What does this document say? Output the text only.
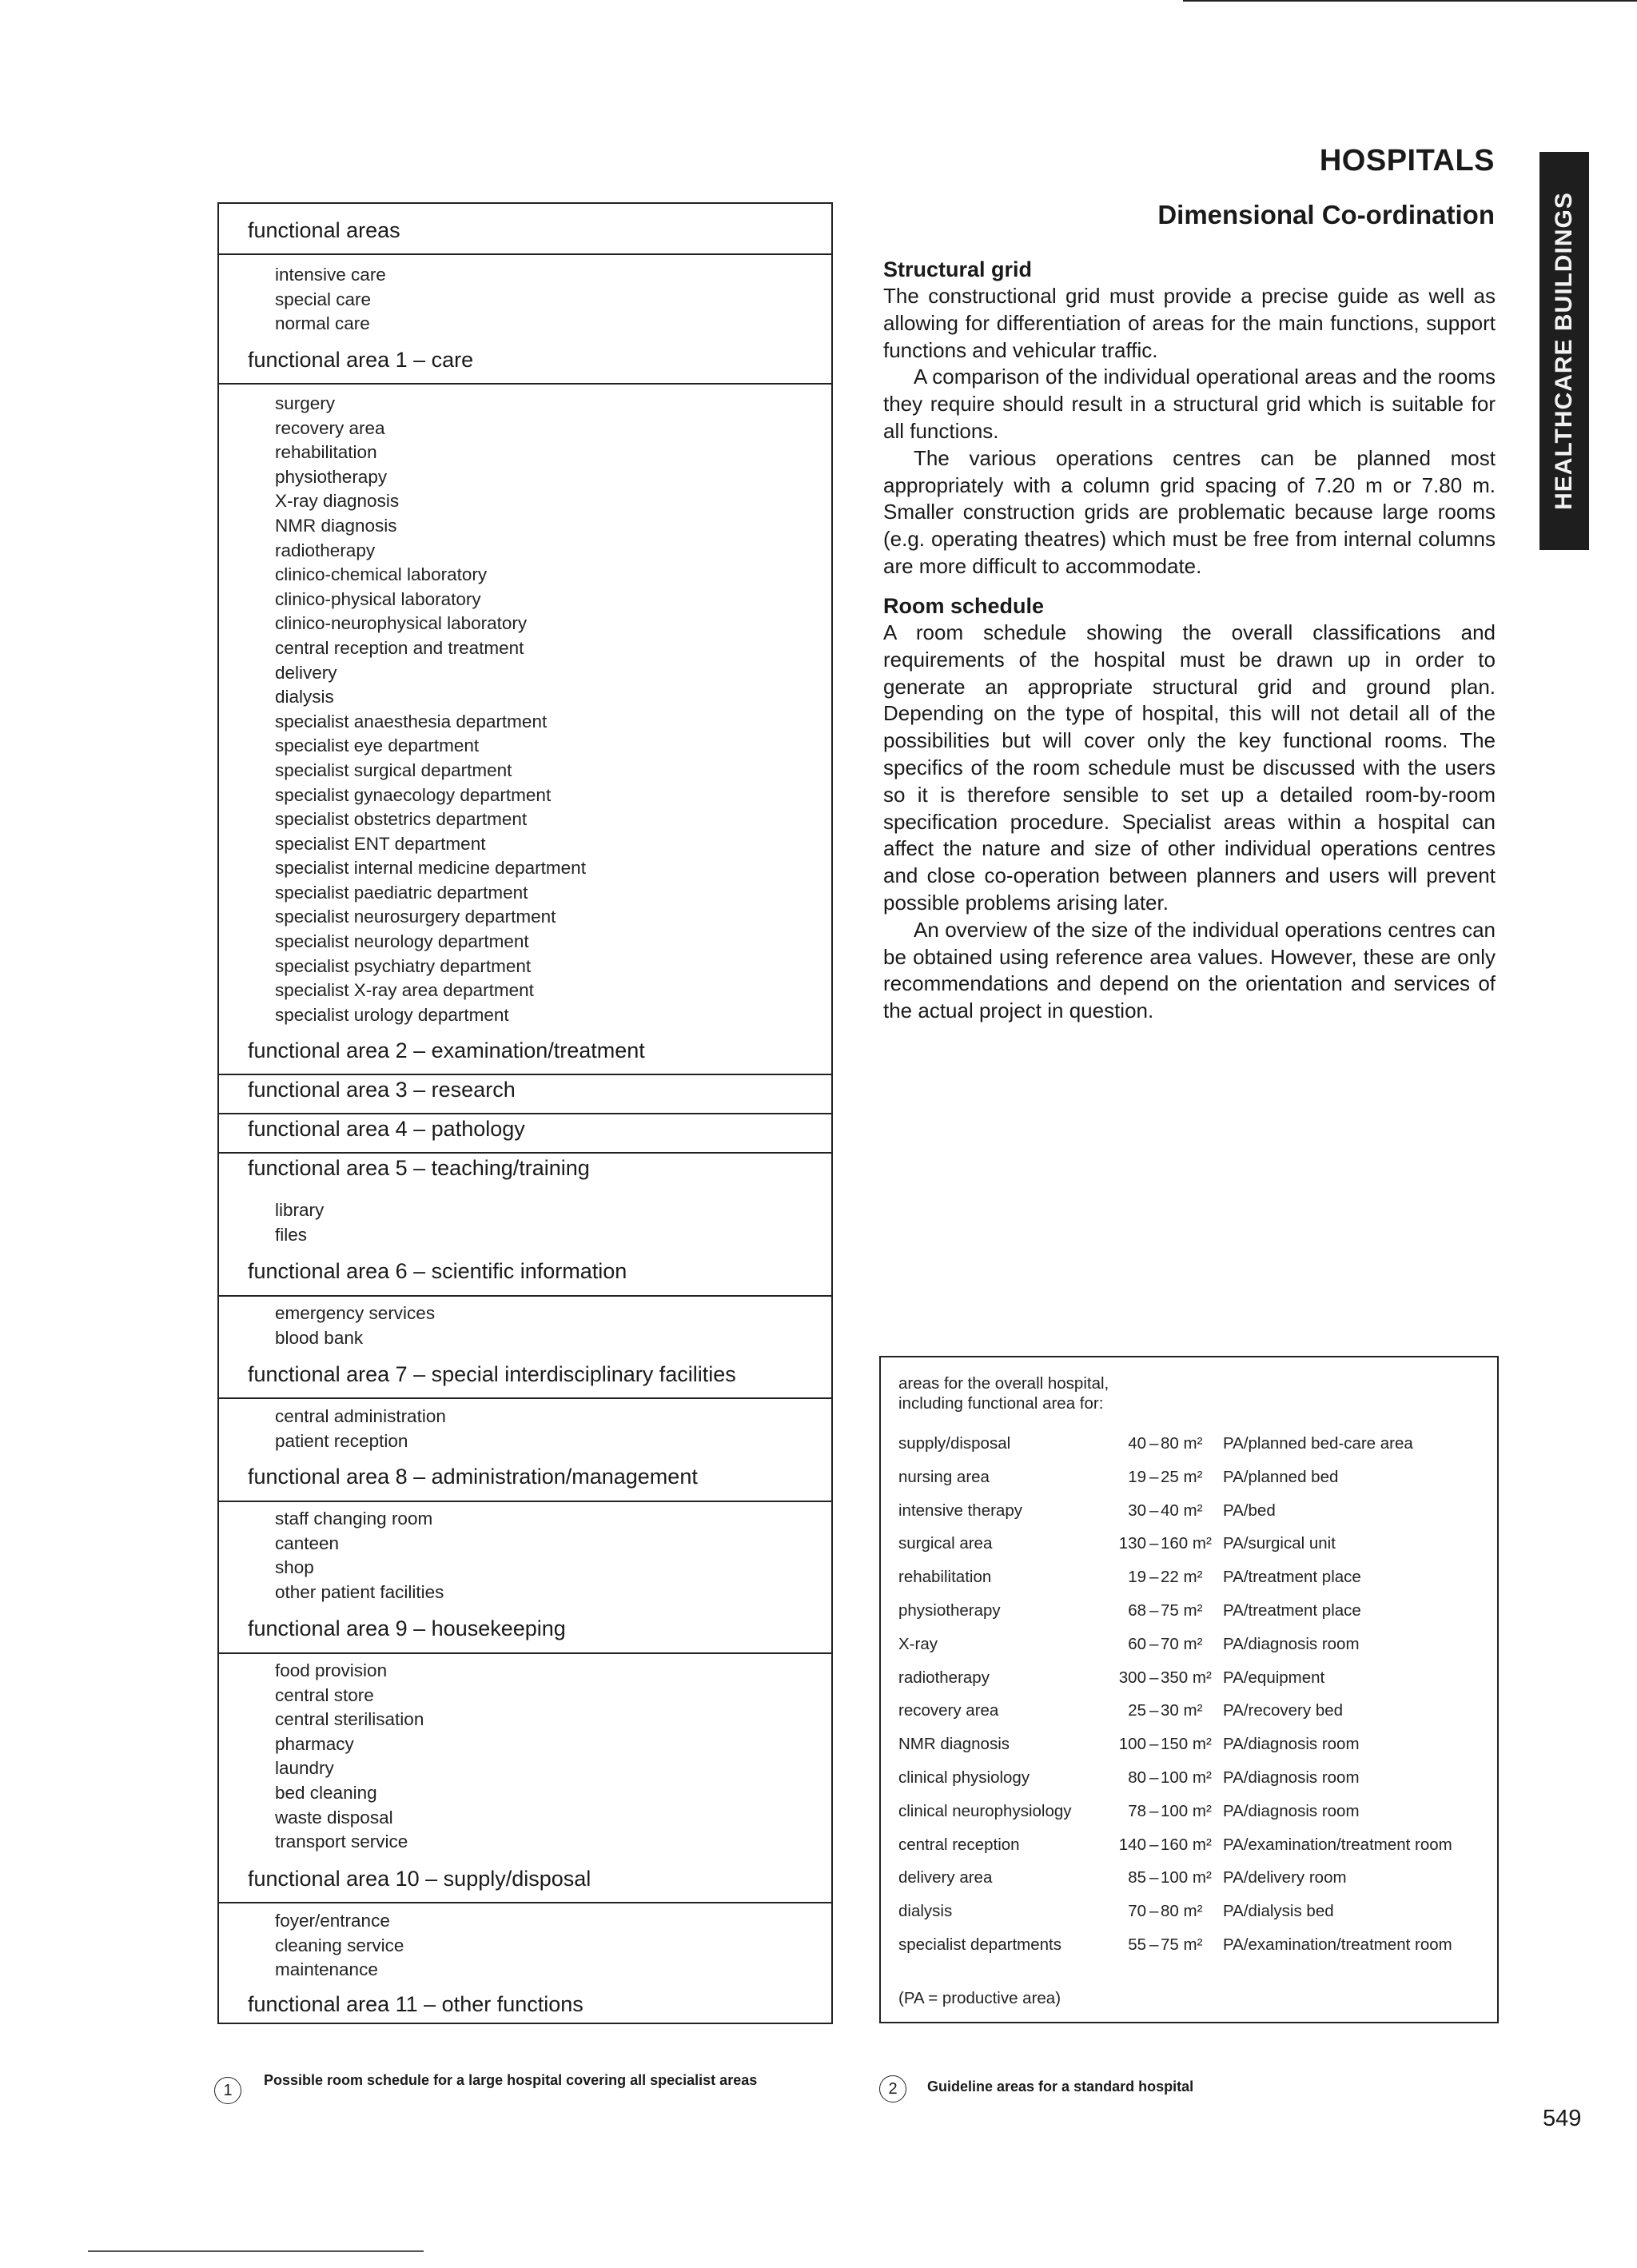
HOSPITALS
Dimensional Co-ordination HEALTHCARE BUILDINGS
functional areas
intensive care
special care
normal care
functional area 1 – care
surgery
recovery area
rehabilitation
physiotherapy
X-ray diagnosis
NMR diagnosis
radiotherapy
clinico-chemical laboratory
clinico-physical laboratory
clinico-neurophysical laboratory
central reception and treatment
delivery
dialysis
specialist anaesthesia department
specialist eye department
specialist surgical department
specialist gynaecology department
specialist obstetrics department
specialist ENT department
specialist internal medicine department
specialist paediatric department
specialist neurosurgery department
specialist neurology department
specialist psychiatry department
specialist X-ray area department
specialist urology department
functional area 2 – examination/treatment
functional area 3 – research
functional area 4 – pathology
functional area 5 – teaching/training
library
files
functional area 6 – scientific information
emergency services
blood bank
functional area 7 – special interdisciplinary facilities
central administration
patient reception
functional area 8 – administration/management
staff changing room
canteen
shop
other patient facilities
functional area 9 – housekeeping
food provision
central store
central sterilisation
pharmacy
laundry
bed cleaning
waste disposal
transport service
functional area 10 – supply/disposal
foyer/entrance
cleaning service
maintenance
functional area 11 – other functions
1
Possible room schedule for a large hospital covering all specialist areas
Structural grid

The constructional grid must provide a precise guide as well as allowing for differentiation of areas for the main functions, support functions and vehicular traffic.

A comparison of the individual operational areas and the rooms they require should result in a structural grid which is suitable for all functions.

The various operations centres can be planned most appropriately with a column grid spacing of 7.20 m or 7.80 m. Smaller construction grids are problematic because large rooms (e.g. operating theatres) which must be free from internal columns are more difficult to accommodate.

Room schedule

A room schedule showing the overall classifications and requirements of the hospital must be drawn up in order to generate an appropriate structural grid and ground plan. Depending on the type of hospital, this will not detail all of the possibilities but will cover only the key functional rooms. The specifics of the room schedule must be discussed with the users so it is therefore sensible to set up a detailed room-by-room specification procedure. Specialist areas within a hospital can affect the nature and size of other individual operations centres and close co-operation between planners and users will prevent possible problems arising later.

An overview of the size of the individual operations centres can be obtained using reference area values. However, these are only recommendations and depend on the orientation and services of the actual project in question.

areas for the overall hospital,
including functional area for:
supply/disposal	40 – 80 m² PA/planned bed-care area
nursing area	19 – 25 m² PA/planned bed
intensive therapy	30 – 40 m² PA/bed
surgical area	130 – 160 m² PA/surgical unit
rehabilitation	19 – 22 m² PA/treatment place
physiotherapy	68 – 75 m² PA/treatment place
X-ray	60 – 70 m² PA/diagnosis room
radiotherapy	300 – 350 m² PA/equipment
recovery area	25 – 30 m² PA/recovery bed
NMR diagnosis	100 – 150 m² PA/diagnosis room
clinical physiology	80 – 100 m² PA/diagnosis room
clinical neurophysiology	78 – 100 m² PA/diagnosis room
central reception	140 – 160 m² PA/examination/treatment room
delivery area	85 – 100 m² PA/delivery room
dialysis	70 – 80 m² PA/dialysis bed
specialist departments	55 – 75 m² PA/examination/treatment room
(PA = productive area)
2	Guideline areas for a standard hospital
549
